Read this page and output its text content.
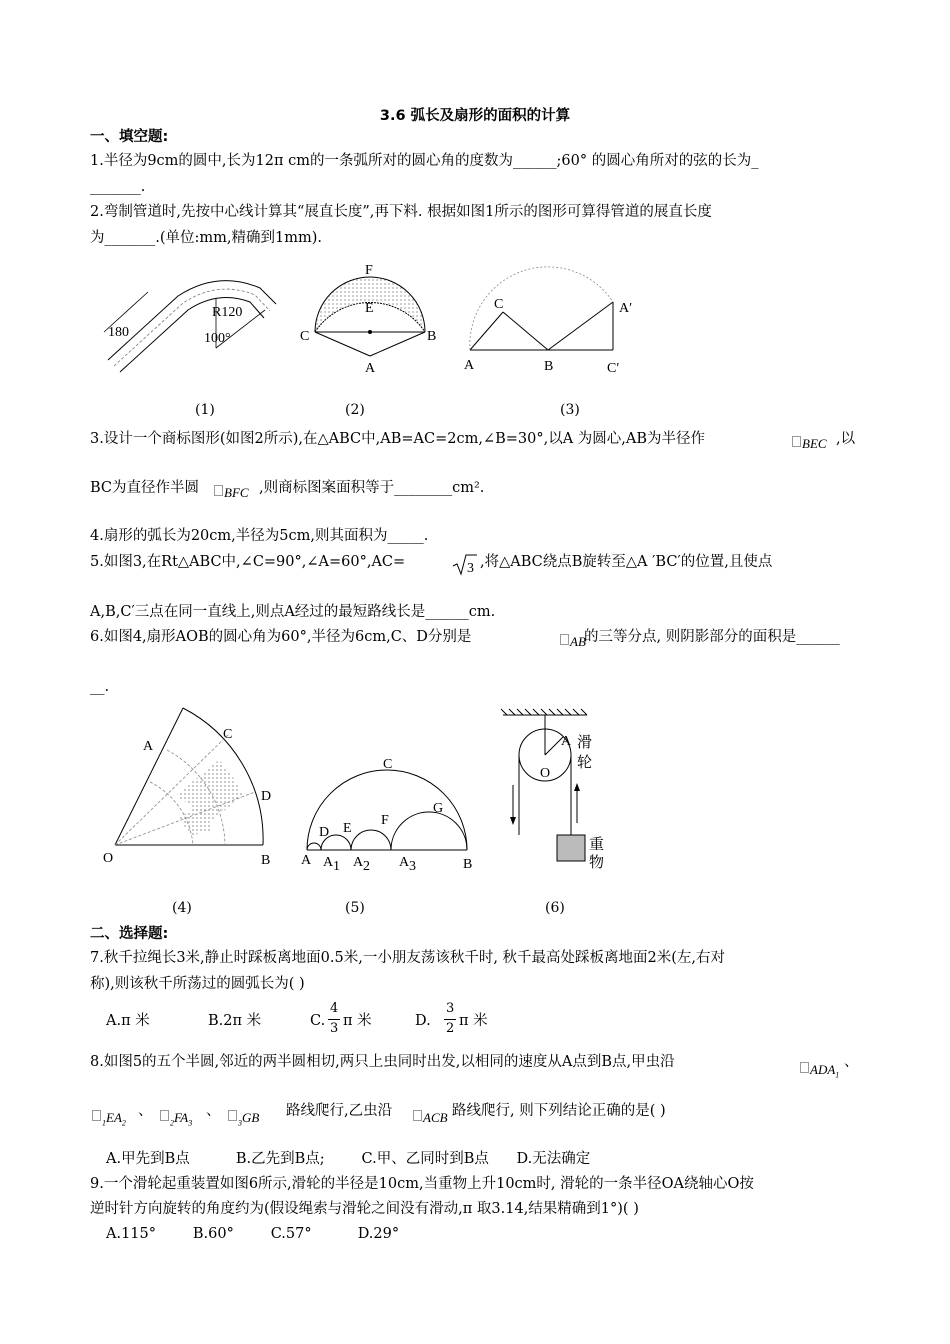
3.6 弧长及扇形的面积的计算
一、填空题:
1.半径为9cm的圆中,长为12π cm的一条弧所对的圆心角的度数为______;60° 的圆心角所对的弦的长为_
_______.
2.弯制管道时,先按中心线计算其“展直长度”,再下料. 根据如图1所示的图形可算得管道的展直长度
为_______.(单位:mm,精确到1mm).
180
R120
100°
F
E
C	B
A
C	A′
A	B	C′
(1)	(2)	(3)
3.设计一个商标图形(如图2所示),在△ABC中,AB=AC=2cm,∠B=30°,以A 为圆心,AB为半径作	BEC ,以
BC为直径作半圆	BFC ,则商标图案面积等于________cm².
4.扇形的弧长为20cm,半径为5cm,则其面积为_____.
5.如图3,在Rt△ABC中,∠C=90°,∠A=60°,AC=	3 ,将△ABC绕点B旋转至△A ′BC′的位置,且使点
A,B,C′三点在同一直线上,则点A经过的最短路线长是______cm.
6.如图4,扇形AOB的圆心角为60°,半径为6cm,C、D分别是	AB
的三等分点, 则阴影部分的面积是______
__.
A
C
D
O	B
C
D E
F
G
A A 1 A 2 A 3	B
A
O
滑
轮
重
物
(4)	(5)	(6)
二、选择题:
7.秋千拉绳长3米,静止时踩板离地面0.5米,一小朋友荡该秋千时, 秋千最高处踩板离地面2米(左,右对
称),则该秋千所荡过的圆弧长为( )
A.π 米	B.2π 米	C.
4
3 π 米	D.
3
2 π 米
8.如图5的五个半圆,邻近的两半圆相切,两只上虫同时出发,以相同的速度从A点到B点,甲虫沿	$ADA_1$
、
$_1EA_2$
、
$_2FA_3$
、
$_3$GB 路线爬行,乙虫沿	ACB 路线爬行, 则下列结论正确的是( )
A.甲先到B点          B.乙先到B点;        C.甲、乙同时到B点      D.无法确定
9.一个滑轮起重装置如图6所示,滑轮的半径是10cm,当重物上升10cm时, 滑轮的一条半径OA绕轴心O按
逆时针方向旋转的角度约为(假设绳索与滑轮之间没有滑动,π 取3.14,结果精确到1°)( )
A.115°        B.60°        C.57°          D.29°
